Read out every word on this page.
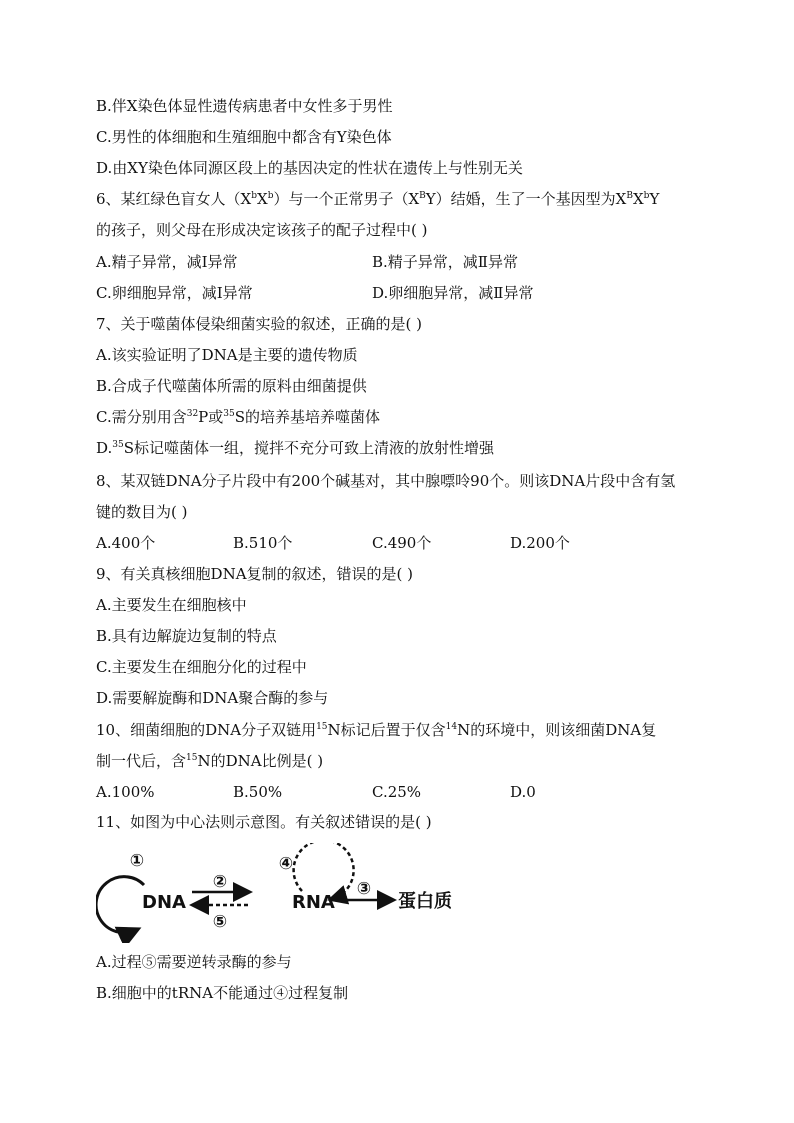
B.伴X染色体显性遗传病患者中女性多于男性
C.男性的体细胞和生殖细胞中都含有Y染色体
D.由XY染色体同源区段上的基因决定的性状在遗传上与性别无关
6、某红绿色盲女人$(X^bX^b)$与一个正常男子$(X^BY)$结婚，生了一个基因型为$X^BX^bY$
的孩子，则父母在形成决定该孩子的配子过程中( )
A.精子异常，减Ⅰ异常	B.精子异常，减Ⅱ异常
C.卵细胞异常，减Ⅰ异常	D.卵细胞异常，减Ⅱ异常
7、关于噬菌体侵染细菌实验的叙述，正确的是( )
A.该实验证明了DNA是主要的遗传物质
B.合成子代噬菌体所需的原料由细菌提供
C.需分别用含$^{32}$P或$^{35}$S的培养基培养噬菌体
D.$^{35}$S标记噬菌体一组，搅拌不充分可致上清液的放射性增强
8、某双链DNA分子片段中有200个碱基对，其中腺嘌呤90个。则该DNA片段中含有氢
键的数目为( )
A.400个	B.510个	C.490个	D.200个
9、有关真核细胞DNA复制的叙述，错误的是( )
A.主要发生在细胞核中
B.具有边解旋边复制的特点
C.主要发生在细胞分化的过程中
D.需要解旋酶和DNA聚合酶的参与
10、细菌细胞的DNA分子双链用$^{15}$N标记后置于仅含$^{14}$N的环境中，则该细菌DNA复
制一代后，含$^{15}$N的DNA比例是( )
A.100%	B.50%	C.25%	D.0
11、如图为中心法则示意图。有关叙述错误的是( )
①
DNA
②
⑤
④
RNA
③
蛋白质
A.过程⑤需要逆转录酶的参与
B.细胞中的tRNA不能通过④过程复制
